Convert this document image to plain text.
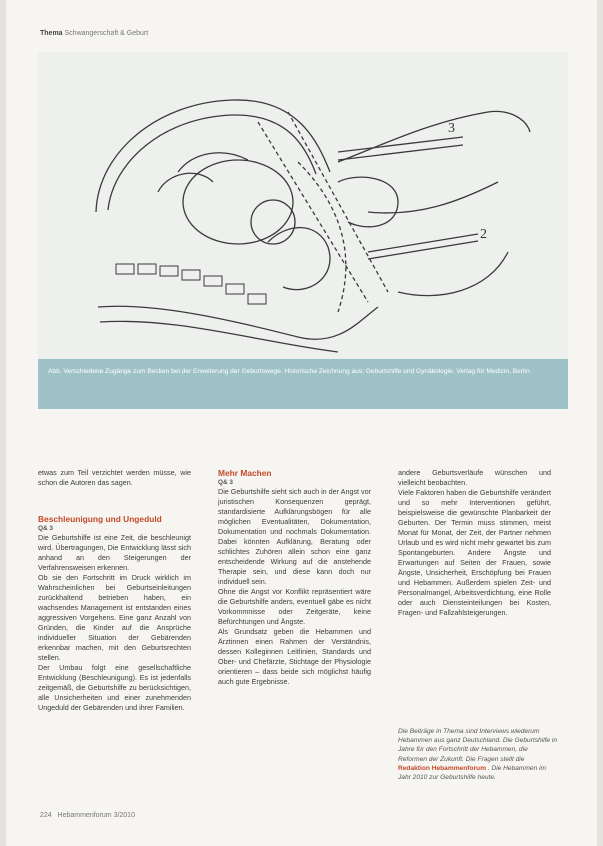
Thema Schwangerschaft & Geburt
3
2

Abb. Verschiedene Zugänge zum Becken bei der Erweiterung der Geburtswege. Historische Zeichnung aus: Geburtshilfe und Gynäkologie. Verlag für Medizin, Berlin.

etwas zum Teil verzichtet werden müsse, wie schon die Autoren das sagen.

Beschleunigung und Ungeduld

Q& 3

Die Geburtshilfe ist eine Zeit, die beschleunigt wird. Übertragungen, Die Entwicklung lässt sich anhand an den Steigerungen der Verfahrensweisen erkennen.

Ob sie den Fortschritt im Druck wirklich im Wahrscheinlichen bei Geburtseinleitungen zurückhaltend betrieben haben, ein wachsendes Management ist entstanden eines aggressiven Vorgehens. Eine ganz Anzahl von Gründen, die Kinder auf die Ansprüche individueller Situation der Gebärenden erkennbar machen, mit den Geburtsrechten stellen.

Der Umbau folgt eine gesellschaftliche Entwicklung (Beschleunigung). Es ist jedenfalls zeitgemäß, die Geburtshilfe zu berücksichtigen, alle Unsicherheiten und einer zunehmenden Ungeduld der Gebärenden und ihrer Familien.

Mehr Machen

Q& 3

Die Geburtshilfe sieht sich auch in der Angst vor juristischen Konsequenzen geprägt, standardisierte Aufklärungsbögen für alle möglichen Eventualitäten, Dokumentation, Dokumentation und nochmals Dokumentation. Dabei könnten Aufklärung, Beratung oder schlichtes Zuhören allein schon eine ganz entscheidende Wirkung auf die anstehende Therapie sein, und diese kann doch nur individuell sein.

Ohne die Angst vor Konflikt repräsentiert wäre die Geburtshilfe anders, eventuell gäbe es nicht Vorkommnisse oder Zeitgeräte, keine Befürchtungen und Ängste.

Als Grundsatz geben die Hebammen und Ärztinnen einen Rahmen der Verständnis, dessen Kolleginnen Leitlinien, Standards und Ober- und Chefärzte, Stichtage der Physiologie orientieren – dass beide sich möglichst häufig auch gute Ergebnisse.

andere Geburtsverläufe wünschen und vielleicht beobachten.

Viele Faktoren haben die Geburtshilfe verändert und so mehr Interventionen geführt, beispielsweise die gewünschte Planbarkeit der Geburten. Der Termin muss stimmen, meist Monat für Monat, der Zeit, der Partner nehmen Urlaub und es wird nicht mehr gewartet bis zum Spontangeburten. Andere Ängste und Erwartungen auf Seiten der Frauen, sowie Ängste, Unsicherheit, Erschöpfung bei Frauen und Hebammen. Außerdem spielen Zeit- und Personalmangel, Arbeitsverdichtung, eine Rolle oder auch Diensteinteilungen bei Kosten, Fragen- und Fallzahlsteigerungen.

Die Beiträge in Thema sind Interviews wiederum Hebammen aus ganz Deutschland. Die Geburtshilfe in Jahre für den Fortschritt der Hebammen, die Reformen der Zukunft. Die Fragen stellt die Redaktion Hebammenforum . Die Hebammen im Jahr 2010 zur Geburtshilfe heute.

224 Hebammenforum 3/2010
